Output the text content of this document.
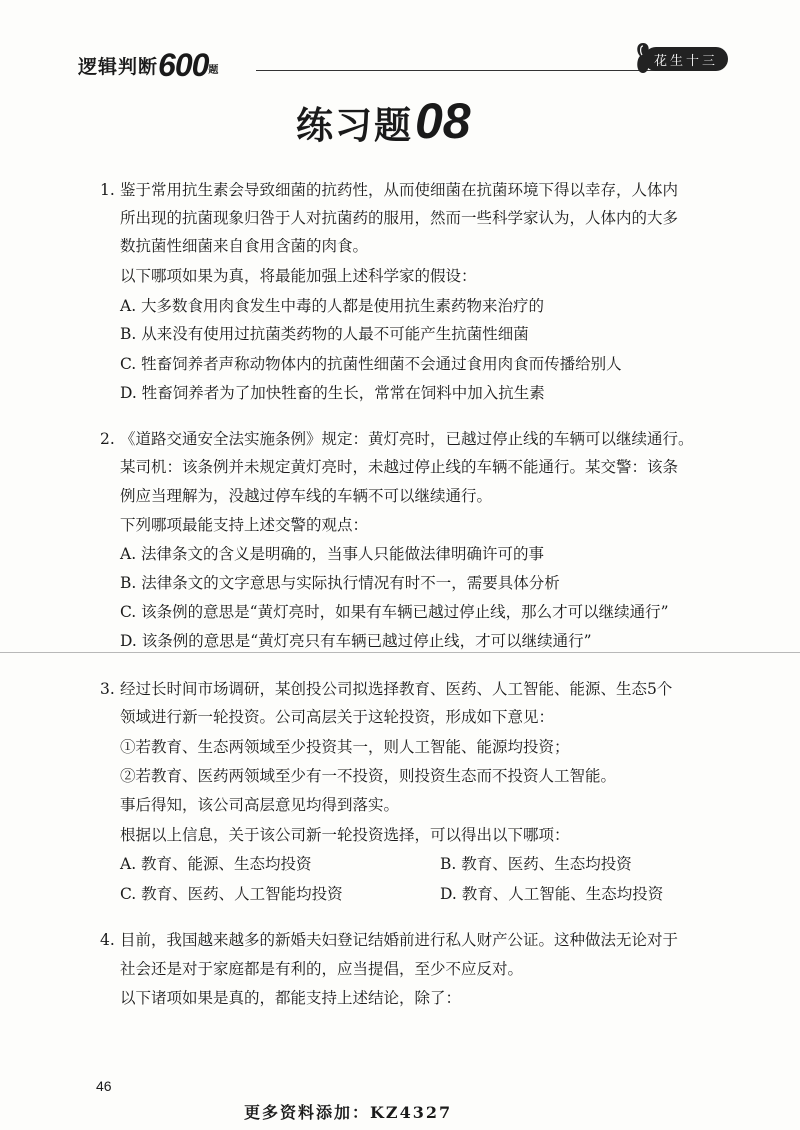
逻辑判断600题
花生十三
练习题08
1. 鉴于常用抗生素会导致细菌的抗药性，从而使细菌在抗菌环境下得以幸存，人体内
所出现的抗菌现象归咎于人对抗菌药的服用，然而一些科学家认为，人体内的大多
数抗菌性细菌来自食用含菌的肉食。
以下哪项如果为真，将最能加强上述科学家的假设：
A. 大多数食用肉食发生中毒的人都是使用抗生素药物来治疗的
B. 从来没有使用过抗菌类药物的人最不可能产生抗菌性细菌
C. 牲畜饲养者声称动物体内的抗菌性细菌不会通过食用肉食而传播给别人
D. 牲畜饲养者为了加快牲畜的生长，常常在饲料中加入抗生素
2. 《道路交通安全法实施条例》规定：黄灯亮时，已越过停止线的车辆可以继续通行。
某司机：该条例并未规定黄灯亮时，未越过停止线的车辆不能通行。某交警：该条
例应当理解为，没越过停车线的车辆不可以继续通行。
下列哪项最能支持上述交警的观点：
A. 法律条文的含义是明确的，当事人只能做法律明确许可的事
B. 法律条文的文字意思与实际执行情况有时不一，需要具体分析
C. 该条例的意思是“黄灯亮时，如果有车辆已越过停止线，那么才可以继续通行”
D. 该条例的意思是“黄灯亮只有车辆已越过停止线，才可以继续通行”
3. 经过长时间市场调研，某创投公司拟选择教育、医药、人工智能、能源、生态5个
领域进行新一轮投资。公司高层关于这轮投资，形成如下意见：
①若教育、生态两领域至少投资其一，则人工智能、能源均投资；
②若教育、医药两领域至少有一不投资，则投资生态而不投资人工智能。
事后得知，该公司高层意见均得到落实。
根据以上信息，关于该公司新一轮投资选择，可以得出以下哪项：
A. 教育、能源、生态均投资	B. 教育、医药、生态均投资
C. 教育、医药、人工智能均投资	D. 教育、人工智能、生态均投资
4. 目前，我国越来越多的新婚夫妇登记结婚前进行私人财产公证。这种做法无论对于
社会还是对于家庭都是有利的，应当提倡，至少不应反对。
以下诸项如果是真的，都能支持上述结论，除了：
46
更多资料添加：KZ4327
